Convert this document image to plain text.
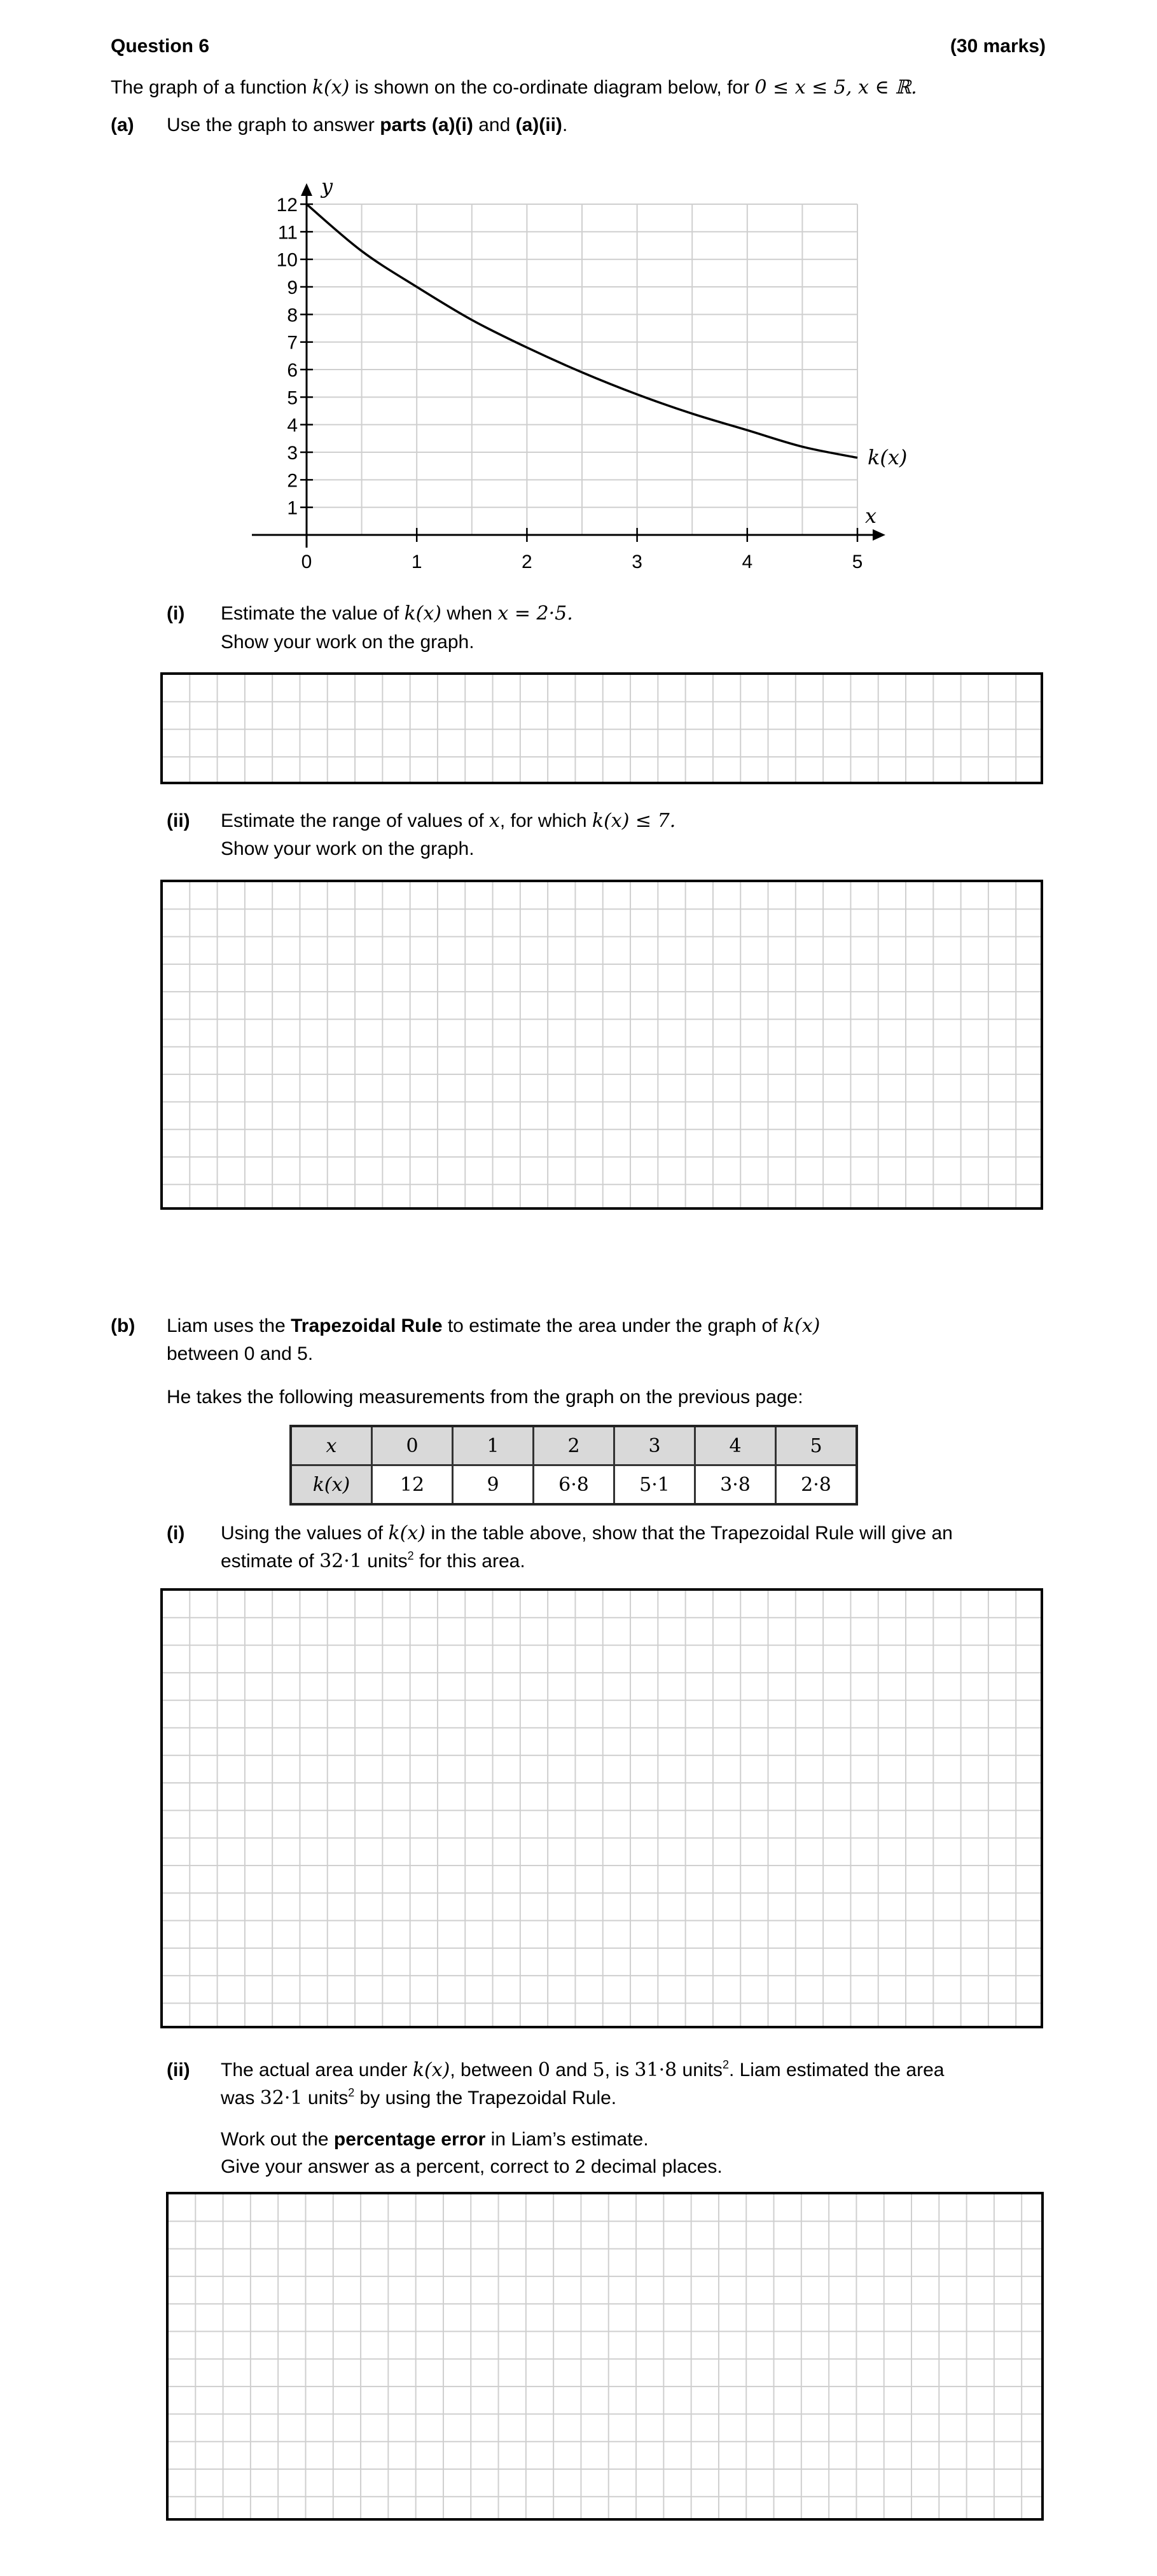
Question 6	(30 marks)
The graph of a function k(x) is shown on the co-ordinate diagram below, for 0 ≤ x ≤ 5, x ∈ ℝ.
(a) Use the graph to answer parts (a)(i) and (a)(ii).
1
2
3
4
5
6
7
8
9
10
11
12
0	1	2	3	4	5
y
x
k(x)
(i) Estimate the value of k(x) when x = 2·5.
Show your work on the graph.
(ii) Estimate the range of values of x, for which k(x) ≤ 7.
Show your work on the graph.
(b) Liam uses the Trapezoidal Rule to estimate the area under the graph of k(x)
between 0 and 5.
He takes the following measurements from the graph on the previous page:
x	0	1	2	3	4	5
k(x)	12	9	6·8	5·1	3·8	2·8
(i) Using the values of k(x) in the table above, show that the Trapezoidal Rule will give an
estimate of 32·1 units$^2$ for this area.
(ii) The actual area under k(x), between 0 and 5, is 31·8 units$^2$. Liam estimated the area
was 32·1 units$^2$ by using the Trapezoidal Rule.
Work out the percentage error in Liam’s estimate.
Give your answer as a percent, correct to 2 decimal places.
